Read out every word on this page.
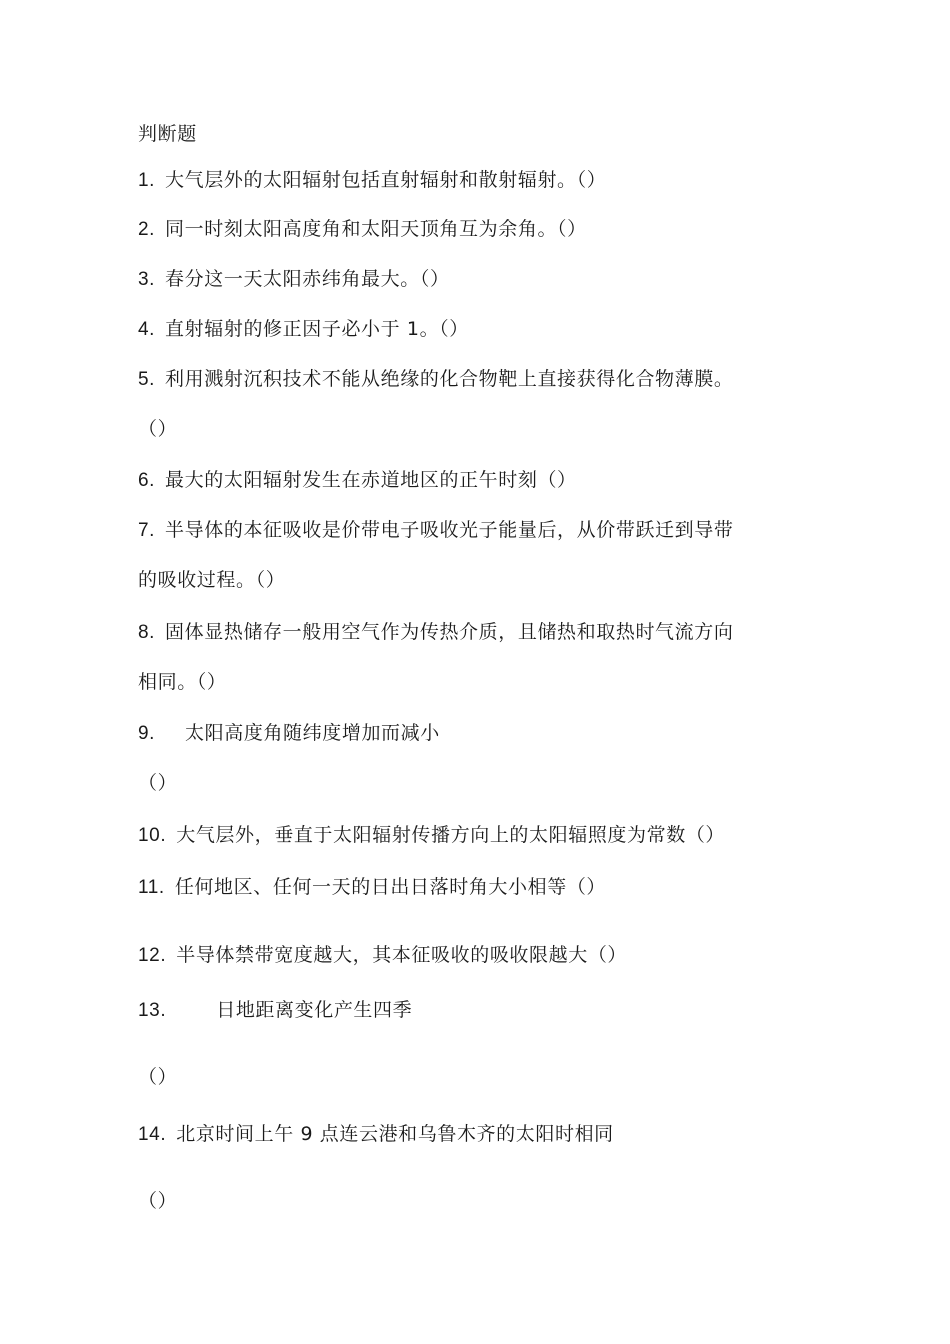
判断题
1. 大气层外的太阳辐射包括直射辐射和散射辐射。（）
2. 同一时刻太阳高度角和太阳天顶角互为余角。（）
3. 春分这一天太阳赤纬角最大。（）
4. 直射辐射的修正因子必小于 1。（）
5. 利用溅射沉积技术不能从绝缘的化合物靶上直接获得化合物薄膜。
（）
6. 最大的太阳辐射发生在赤道地区的正午时刻（）
7. 半导体的本征吸收是价带电子吸收光子能量后，从价带跃迁到导带
的吸收过程。（）
8. 固体显热储存一般用空气作为传热介质，且储热和取热时气流方向
相同。（）
9. 太阳高度角随纬度增加而减小
（）
10. 大气层外，垂直于太阳辐射传播方向上的太阳辐照度为常数（）
11. 任何地区、任何一天的日出日落时角大小相等（）
12. 半导体禁带宽度越大，其本征吸收的吸收限越大（）
13.	日地距离变化产生四季
（）
14. 北京时间上午 9 点连云港和乌鲁木齐的太阳时相同
（）
